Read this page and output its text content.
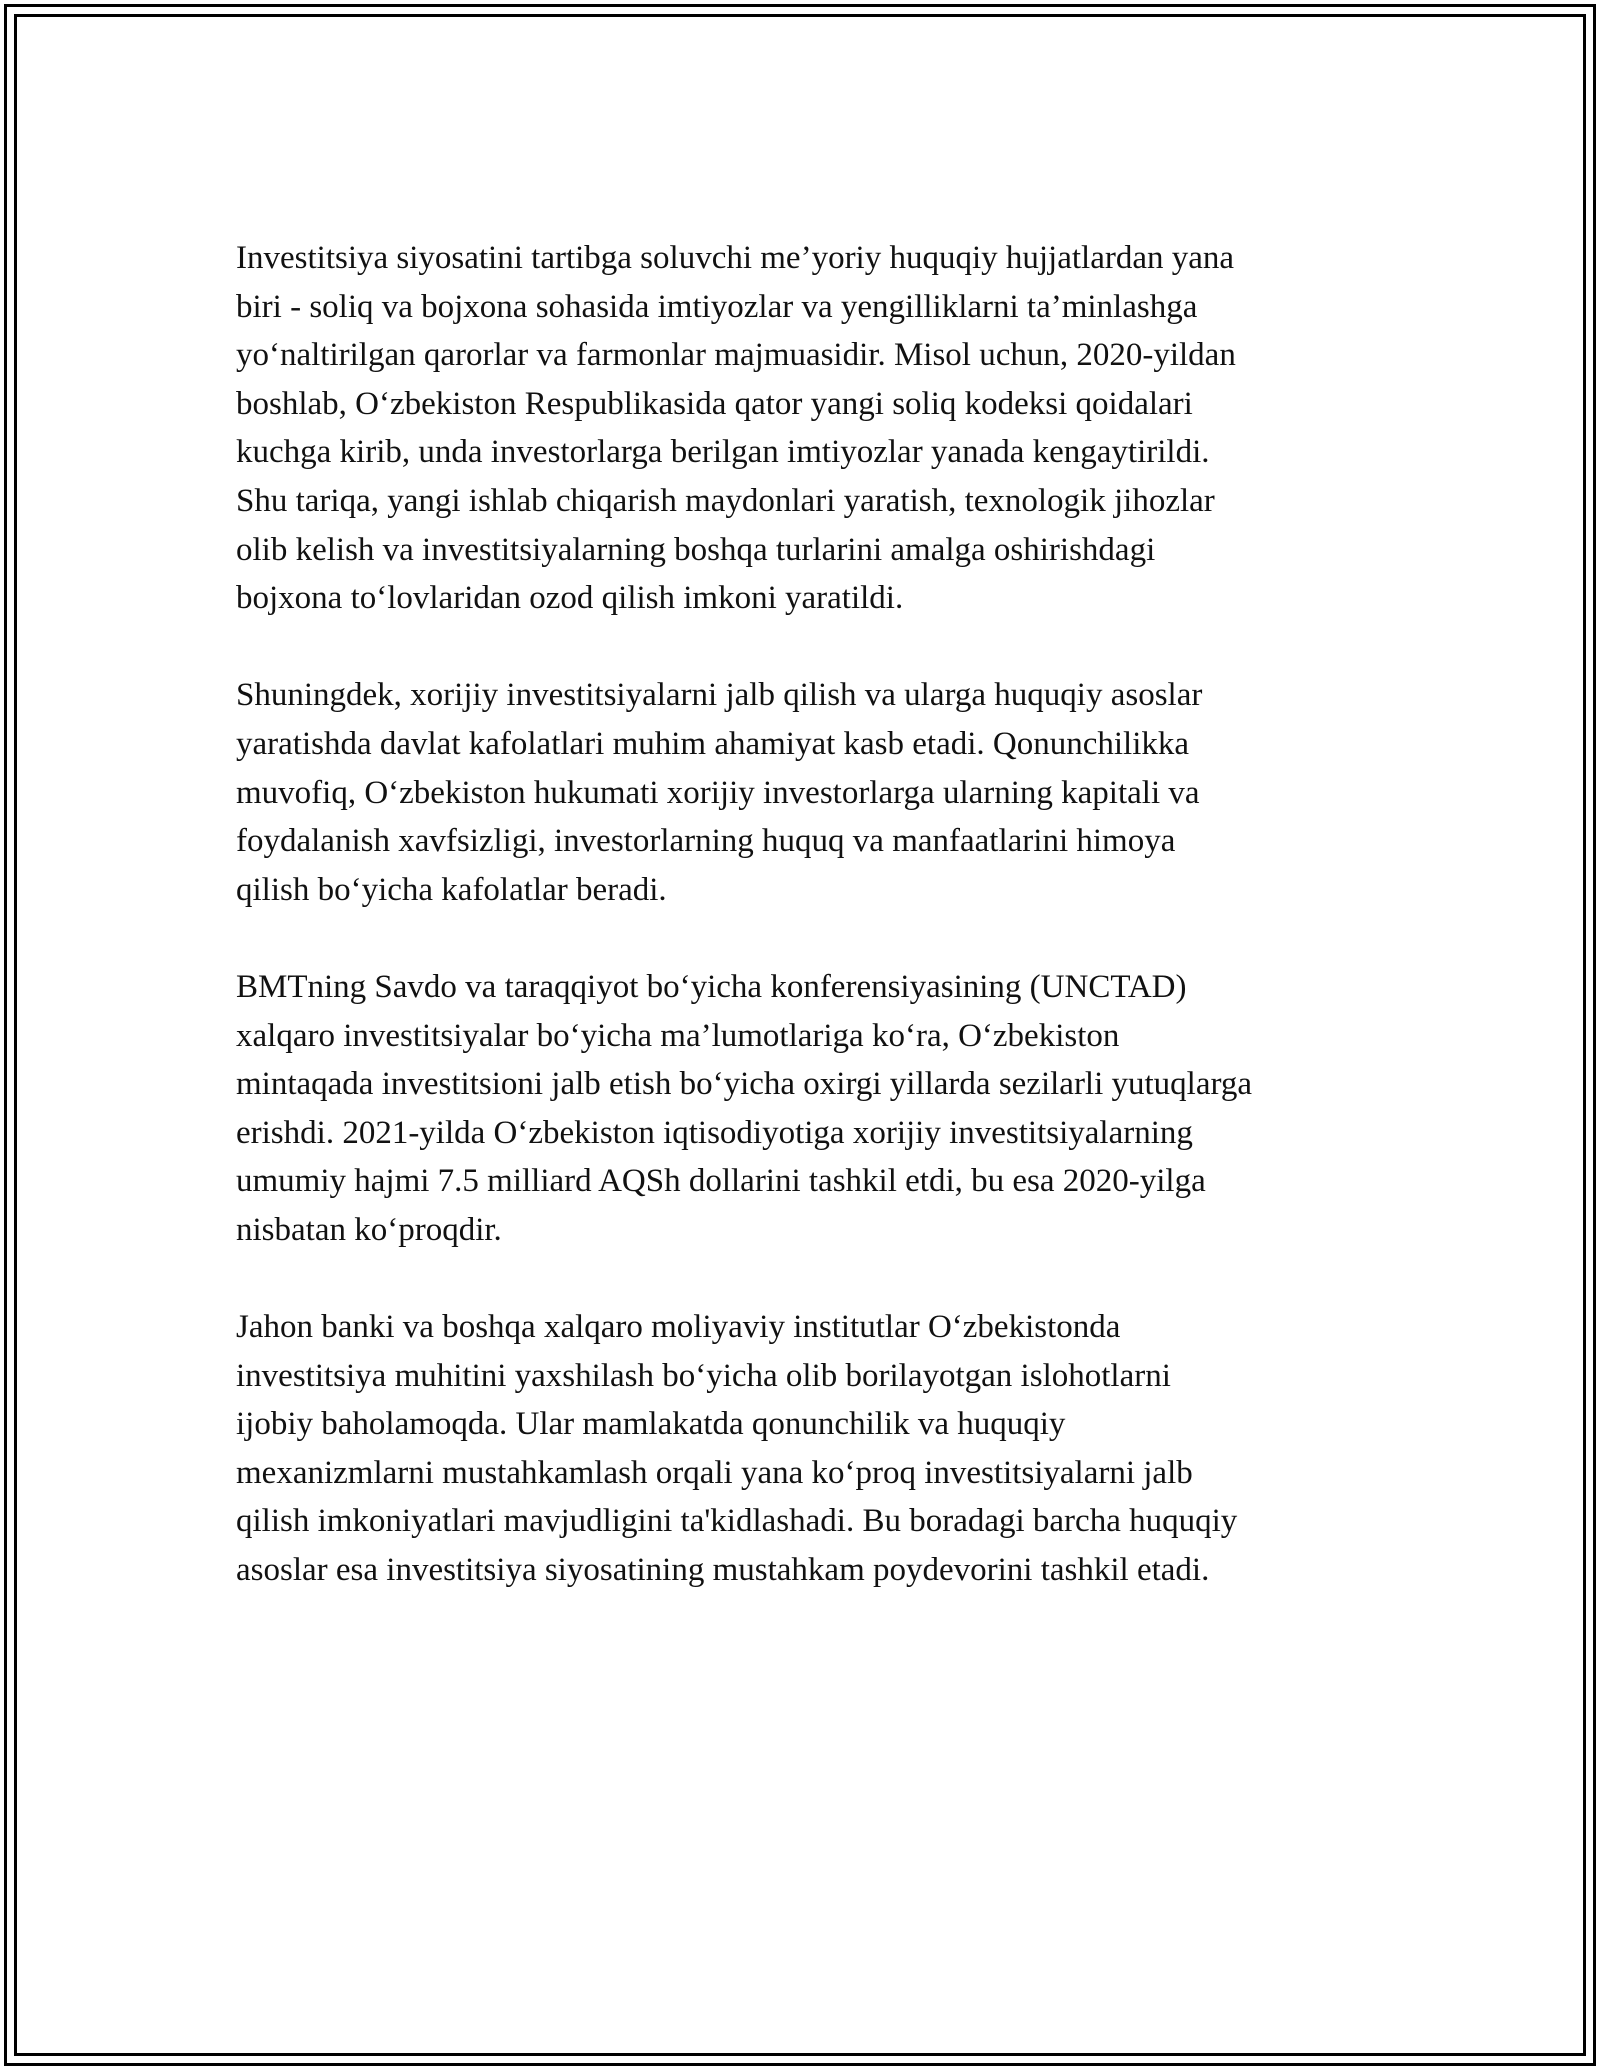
Investitsiya siyosatini tartibga soluvchi me’yoriy huquqiy hujjatlardan yana
biri - soliq va bojxona sohasida imtiyozlar va yengilliklarni ta’minlashga
yo‘naltirilgan qarorlar va farmonlar majmuasidir. Misol uchun, 2020-yildan
boshlab, O‘zbekiston Respublikasida qator yangi soliq kodeksi qoidalari
kuchga kirib, unda investorlarga berilgan imtiyozlar yanada kengaytirildi.
Shu tariqa, yangi ishlab chiqarish maydonlari yaratish, texnologik jihozlar
olib kelish va investitsiyalarning boshqa turlarini amalga oshirishdagi
bojxona to‘lovlaridan ozod qilish imkoni yaratildi.

Shuningdek, xorijiy investitsiyalarni jalb qilish va ularga huquqiy asoslar
yaratishda davlat kafolatlari muhim ahamiyat kasb etadi. Qonunchilikka
muvofiq, O‘zbekiston hukumati xorijiy investorlarga ularning kapitali va
foydalanish xavfsizligi, investorlarning huquq va manfaatlarini himoya
qilish bo‘yicha kafolatlar beradi.

BMTning Savdo va taraqqiyot bo‘yicha konferensiyasining (UNCTAD)
xalqaro investitsiyalar bo‘yicha ma’lumotlariga ko‘ra, O‘zbekiston
mintaqada investitsioni jalb etish bo‘yicha oxirgi yillarda sezilarli yutuqlarga
erishdi. 2021-yilda O‘zbekiston iqtisodiyotiga xorijiy investitsiyalarning
umumiy hajmi 7.5 milliard AQSh dollarini tashkil etdi, bu esa 2020-yilga
nisbatan ko‘proqdir.

Jahon banki va boshqa xalqaro moliyaviy institutlar O‘zbekistonda
investitsiya muhitini yaxshilash bo‘yicha olib borilayotgan islohotlarni
ijobiy baholamoqda. Ular mamlakatda qonunchilik va huquqiy
mexanizmlarni mustahkamlash orqali yana ko‘proq investitsiyalarni jalb
qilish imkoniyatlari mavjudligini ta'kidlashadi. Bu boradagi barcha huquqiy
asoslar esa investitsiya siyosatining mustahkam poydevorini tashkil etadi.
